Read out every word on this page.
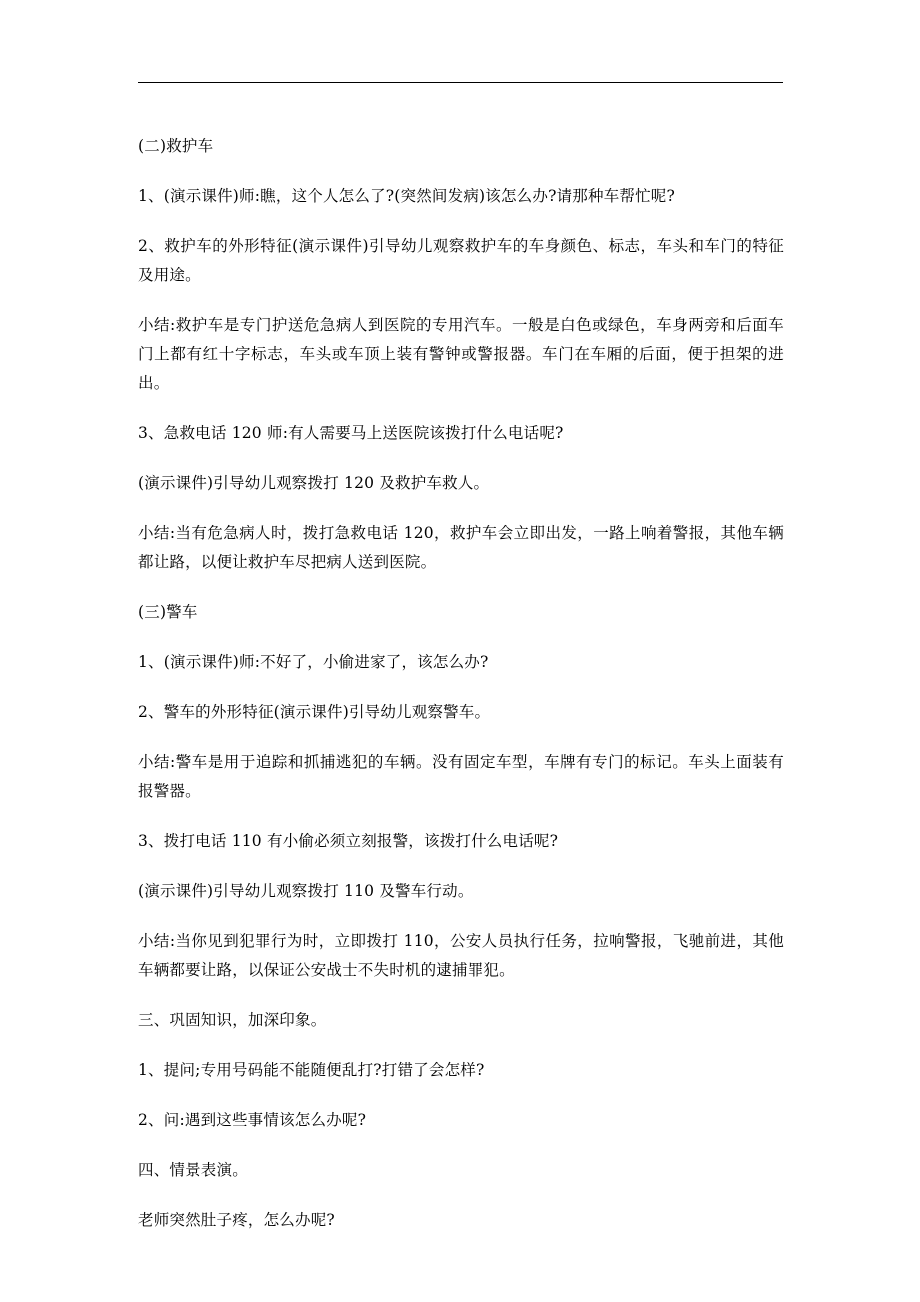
(二)救护车

1、(演示课件)师:瞧，这个人怎么了?(突然间发病)该怎么办?请那种车帮忙呢?

2、救护车的外形特征(演示课件)引导幼儿观察救护车的车身颜色、标志，车头和车门的特征及用途。

小结:救护车是专门护送危急病人到医院的专用汽车。一般是白色或绿色，车身两旁和后面车门上都有红十字标志，车头或车顶上装有警钟或警报器。车门在车厢的后面，便于担架的进出。

3、急救电话 120 师:有人需要马上送医院该拨打什么电话呢?

(演示课件)引导幼儿观察拨打 120 及救护车救人。

小结:当有危急病人时，拨打急救电话 120，救护车会立即出发，一路上响着警报，其他车辆都让路，以便让救护车尽把病人送到医院。

(三)警车

1、(演示课件)师:不好了，小偷进家了，该怎么办?

2、警车的外形特征(演示课件)引导幼儿观察警车。

小结:警车是用于追踪和抓捕逃犯的车辆。没有固定车型，车牌有专门的标记。车头上面装有报警器。

3、拨打电话 110 有小偷必须立刻报警，该拨打什么电话呢?

(演示课件)引导幼儿观察拨打 110 及警车行动。

小结:当你见到犯罪行为时，立即拨打 110，公安人员执行任务，拉响警报，飞驰前进，其他车辆都要让路，以保证公安战士不失时机的逮捕罪犯。

三、巩固知识，加深印象。

1、提问;专用号码能不能随便乱打?打错了会怎样?

2、问:遇到这些事情该怎么办呢?

四、情景表演。

老师突然肚子疼，怎么办呢?
